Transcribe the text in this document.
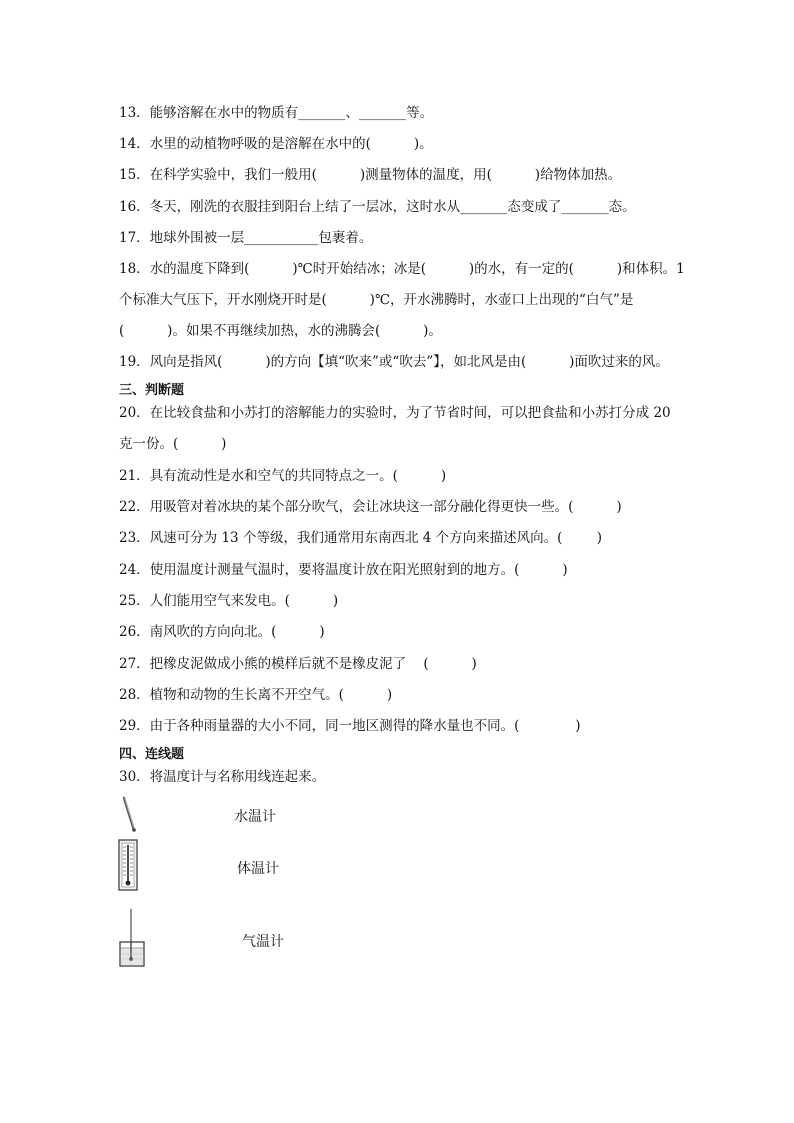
13．能够溶解在水中的物质有_______、_______等。
14．水里的动植物呼吸的是溶解在水中的(          )。
15．在科学实验中，我们一般用(          )测量物体的温度，用(          )给物体加热。
16．冬天，刚洗的衣服挂到阳台上结了一层冰，这时水从_______态变成了_______态。
17．地球外围被一层___________包裹着。
18．水的温度下降到(          )℃时开始结冰；冰是(          )的水，有一定的(          )和体积。1
个标准大气压下，开水刚烧开时是(          )℃，开水沸腾时，水壶口上出现的“白气”是
(          )。如果不再继续加热，水的沸腾会(          )。
19．风向是指风(          )的方向【填“吹来”或“吹去”】，如北风是由(          )面吹过来的风。
三、判断题
20．在比较食盐和小苏打的溶解能力的实验时，为了节省时间，可以把食盐和小苏打分成 20
克一份。(          )
21．具有流动性是水和空气的共同特点之一。(          )
22．用吸管对着冰块的某个部分吹气，会让冰块这一部分融化得更快一些。(          )
23．风速可分为 13 个等级，我们通常用东南西北 4 个方向来描述风向。(        )
24．使用温度计测量气温时，要将温度计放在阳光照射到的地方。(          )
25．人们能用空气来发电。(          )
26．南风吹的方向向北。(          )
27．把橡皮泥做成小熊的模样后就不是橡皮泥了    (          )
28．植物和动物的生长离不开空气。(          )
29．由于各种雨量器的大小不同，同一地区测得的降水量也不同。(             )
四、连线题
30．将温度计与名称用线连起来。
水温计
体温计
气温计
